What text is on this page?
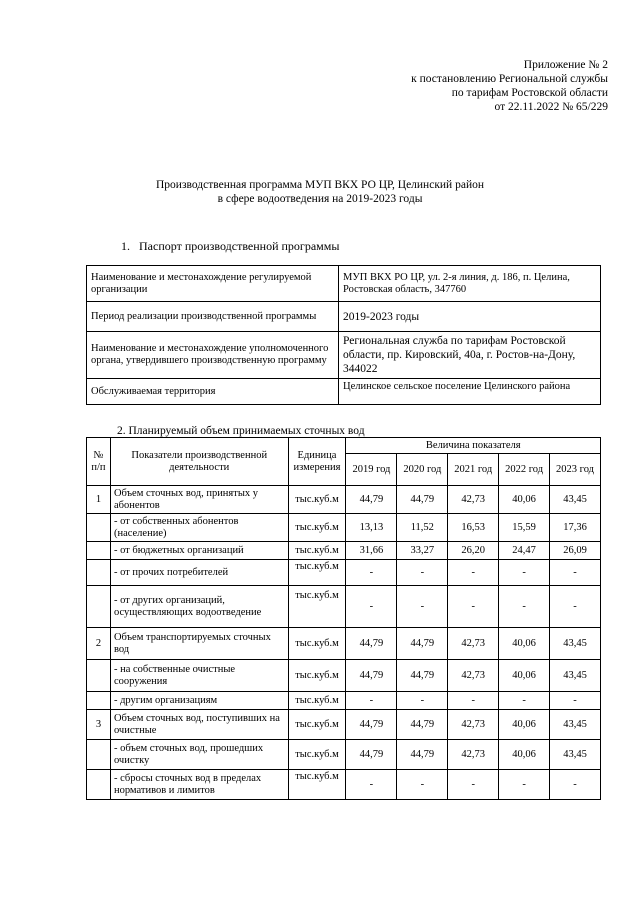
Приложение № 2
к постановлению Региональной службы
по тарифам Ростовской области
от 22.11.2022 № 65/229
Производственная программа МУП ВКХ РО ЦР, Целинский район
в сфере водоотведения на 2019-2023 годы
1.   Паспорт производственной программы
Наименование и местонахождение регулируемой организации	МУП ВКХ РО ЦР, ул. 2-я линия, д. 186, п. Целина, Ростовская область, 347760
Период реализации производственной программы	2019-2023 годы
Наименование и местонахождение уполномоченного органа, утвердившего производственную программу	Региональная служба по тарифам Ростовской области, пр. Кировский, 40а, г. Ростов-на-Дону, 344022
Обслуживаемая территория	Целинское сельское поселение Целинского района
2. Планируемый объем принимаемых сточных вод
№ п/п	Показатели производственной деятельности	Единица измерения	Величина показателя				
			2019 год	2020 год	2021 год	2022 год	2023 год
1	Объем сточных вод, принятых у абонентов	тыс.куб.м	44,79	44,79	42,73	40,06	43,45
	- от собственных абонентов (население)	тыс.куб.м	13,13	11,52	16,53	15,59	17,36
	- от бюджетных организаций	тыс.куб.м	31,66	33,27	26,20	24,47	26,09
	- от прочих потребителей	тыс.куб.м	-	-	-	-	-
	- от других организаций, осуществляющих водоотведение	тыс.куб.м	-	-	-	-	-
2	Объем транспортируемых сточных вод	тыс.куб.м	44,79	44,79	42,73	40,06	43,45
	- на собственные очистные сооружения	тыс.куб.м	44,79	44,79	42,73	40,06	43,45
	- другим организациям	тыс.куб.м	-	-	-	-	-
3	Объем сточных вод, поступивших на очистные	тыс.куб.м	44,79	44,79	42,73	40,06	43,45
	- объем сточных вод, прошедших очистку	тыс.куб.м	44,79	44,79	42,73	40,06	43,45
	- сбросы сточных вод в пределах нормативов и лимитов	тыс.куб.м	-	-	-	-	-
